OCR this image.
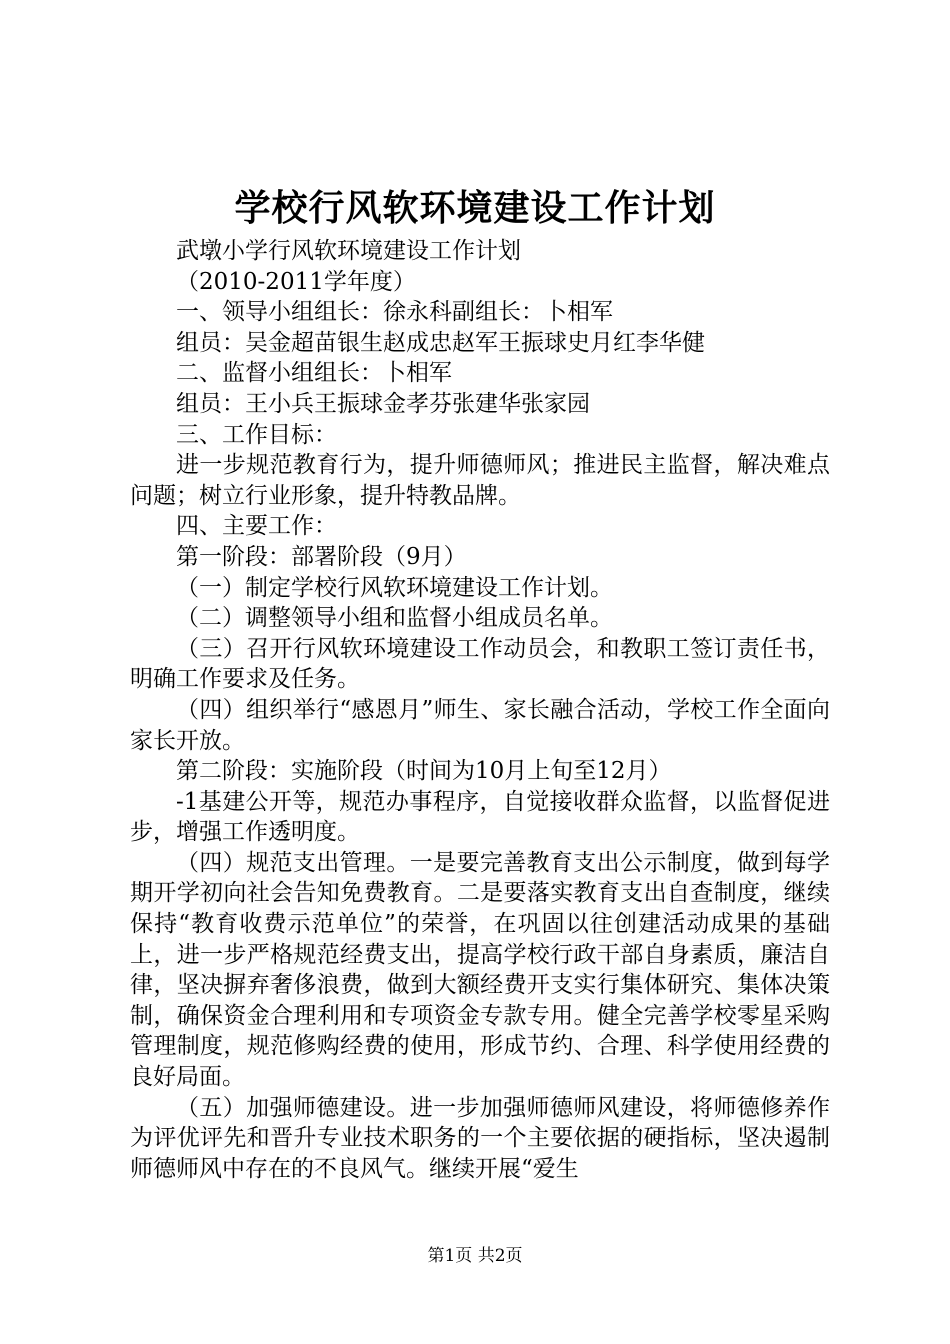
学校行风软环境建设工作计划

武墩小学行风软环境建设工作计划

（2010-2011学年度）

一、领导小组组长：徐永科副组长：卜相军

组员：吴金超苗银生赵成忠赵军王振球史月红李华健

二、监督小组组长：卜相军

组员：王小兵王振球金孝芬张建华张家园

三、工作目标：

进一步规范教育行为，提升师德师风；推进民主监督，解决难点问题；树立行业形象，提升特教品牌。

四、主要工作：

第一阶段：部署阶段（9月）

（一）制定学校行风软环境建设工作计划。

（二）调整领导小组和监督小组成员名单。

（三）召开行风软环境建设工作动员会，和教职工签订责任书，明确工作要求及任务。

（四）组织举行“感恩月”师生、家长融合活动，学校工作全面向家长开放。

第二阶段：实施阶段（时间为10月上旬至12月）

-1基建公开等，规范办事程序，自觉接收群众监督，以监督促进步，增强工作透明度。

（四）规范支出管理。一是要完善教育支出公示制度，做到每学期开学初向社会告知免费教育。二是要落实教育支出自查制度，继续保持“教育收费示范单位”的荣誉，在巩固以往创建活动成果的基础上，进一步严格规范经费支出，提高学校行政干部自身素质，廉洁自律，坚决摒弃奢侈浪费，做到大额经费开支实行集体研究、集体决策制，确保资金合理利用和专项资金专款专用。健全完善学校零星采购管理制度，规范修购经费的使用，形成节约、合理、科学使用经费的良好局面。

（五）加强师德建设。进一步加强师德师风建设，将师德修养作为评优评先和晋升专业技术职务的一个主要依据的硬指标，坚决遏制师德师风中存在的不良风气。继续开展“爱生

第1页 共2页
